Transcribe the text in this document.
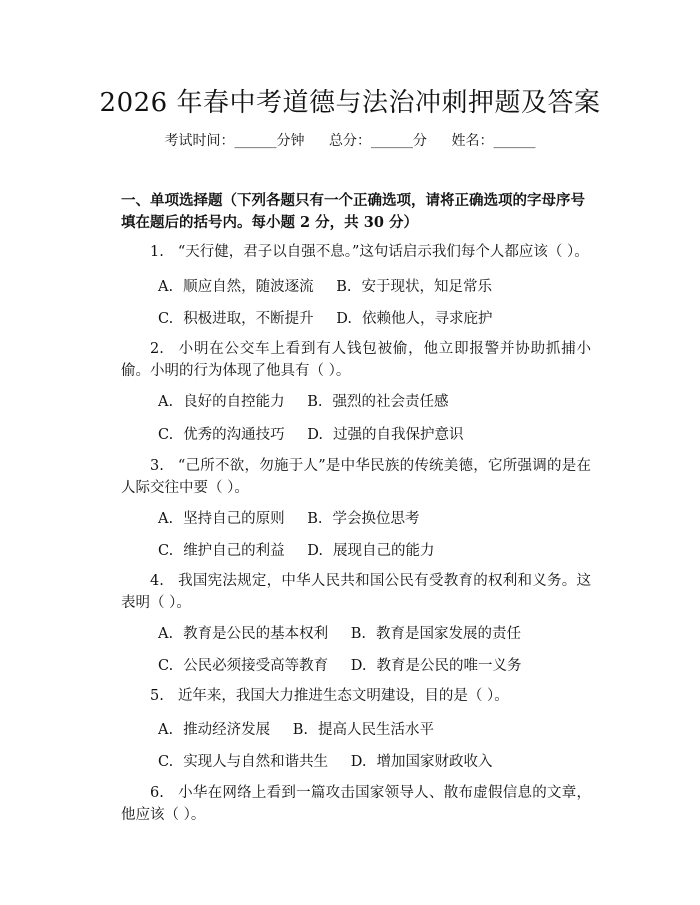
2026 年春中考道德与法治冲刺押题及答案
考试时间：______分钟 总分：______分 姓名：______
一、单项选择题（下列各题只有一个正确选项，请将正确选项的字母序号填在题后的括号内。每小题 2 分，共 30 分）
1. “天行健，君子以自强不息。”这句话启示我们每个人都应该（ ）。
A. 顺应自然，随波逐流 B. 安于现状，知足常乐
C. 积极进取，不断提升 D. 依赖他人，寻求庇护
2. 小明在公交车上看到有人钱包被偷，他立即报警并协助抓捕小偷。小明的行为体现了他具有（ ）。
A. 良好的自控能力 B. 强烈的社会责任感
C. 优秀的沟通技巧 D. 过强的自我保护意识
3. “己所不欲，勿施于人”是中华民族的传统美德，它所强调的是在人际交往中要（ ）。
A. 坚持自己的原则 B. 学会换位思考
C. 维护自己的利益 D. 展现自己的能力
4. 我国宪法规定，中华人民共和国公民有受教育的权利和义务。这表明（ ）。
A. 教育是公民的基本权利 B. 教育是国家发展的责任
C. 公民必须接受高等教育 D. 教育是公民的唯一义务
5. 近年来，我国大力推进生态文明建设，目的是（ ）。
A. 推动经济发展 B. 提高人民生活水平
C. 实现人与自然和谐共生 D. 增加国家财政收入
6. 小华在网络上看到一篇攻击国家领导人、散布虚假信息的文章，他应该（ ）。
